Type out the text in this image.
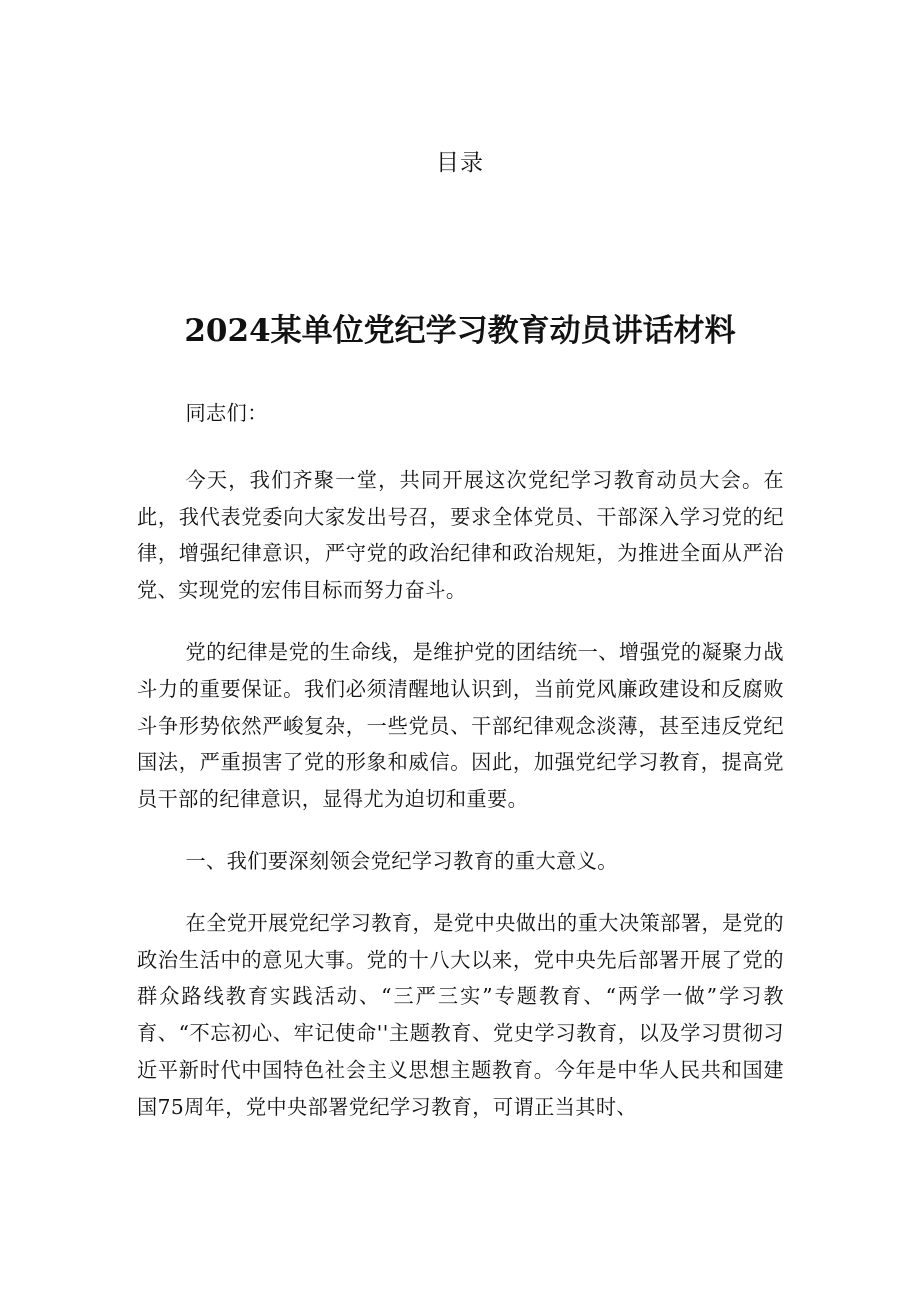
目录
2024某单位党纪学习教育动员讲话材料

同志们：

今天，我们齐聚一堂，共同开展这次党纪学习教育动员大会。在此，我代表党委向大家发出号召，要求全体党员、干部深入学习党的纪律，增强纪律意识，严守党的政治纪律和政治规矩，为推进全面从严治党、实现党的宏伟目标而努力奋斗。

党的纪律是党的生命线，是维护党的团结统一、增强党的凝聚力战斗力的重要保证。我们必须清醒地认识到，当前党风廉政建设和反腐败斗争形势依然严峻复杂，一些党员、干部纪律观念淡薄，甚至违反党纪国法，严重损害了党的形象和威信。因此，加强党纪学习教育，提高党员干部的纪律意识，显得尤为迫切和重要。

一、我们要深刻领会党纪学习教育的重大意义。

在全党开展党纪学习教育，是党中央做出的重大决策部署，是党的政治生活中的意见大事。党的十八大以来，党中央先后部署开展了党的群众路线教育实践活动、“三严三实”专题教育、“两学一做”学习教育、“不忘初心、牢记使命''主题教育、党史学习教育，以及学习贯彻习近平新时代中国特色社会主义思想主题教育。今年是中华人民共和国建国75周年，党中央部署党纪学习教育，可谓正当其时、
